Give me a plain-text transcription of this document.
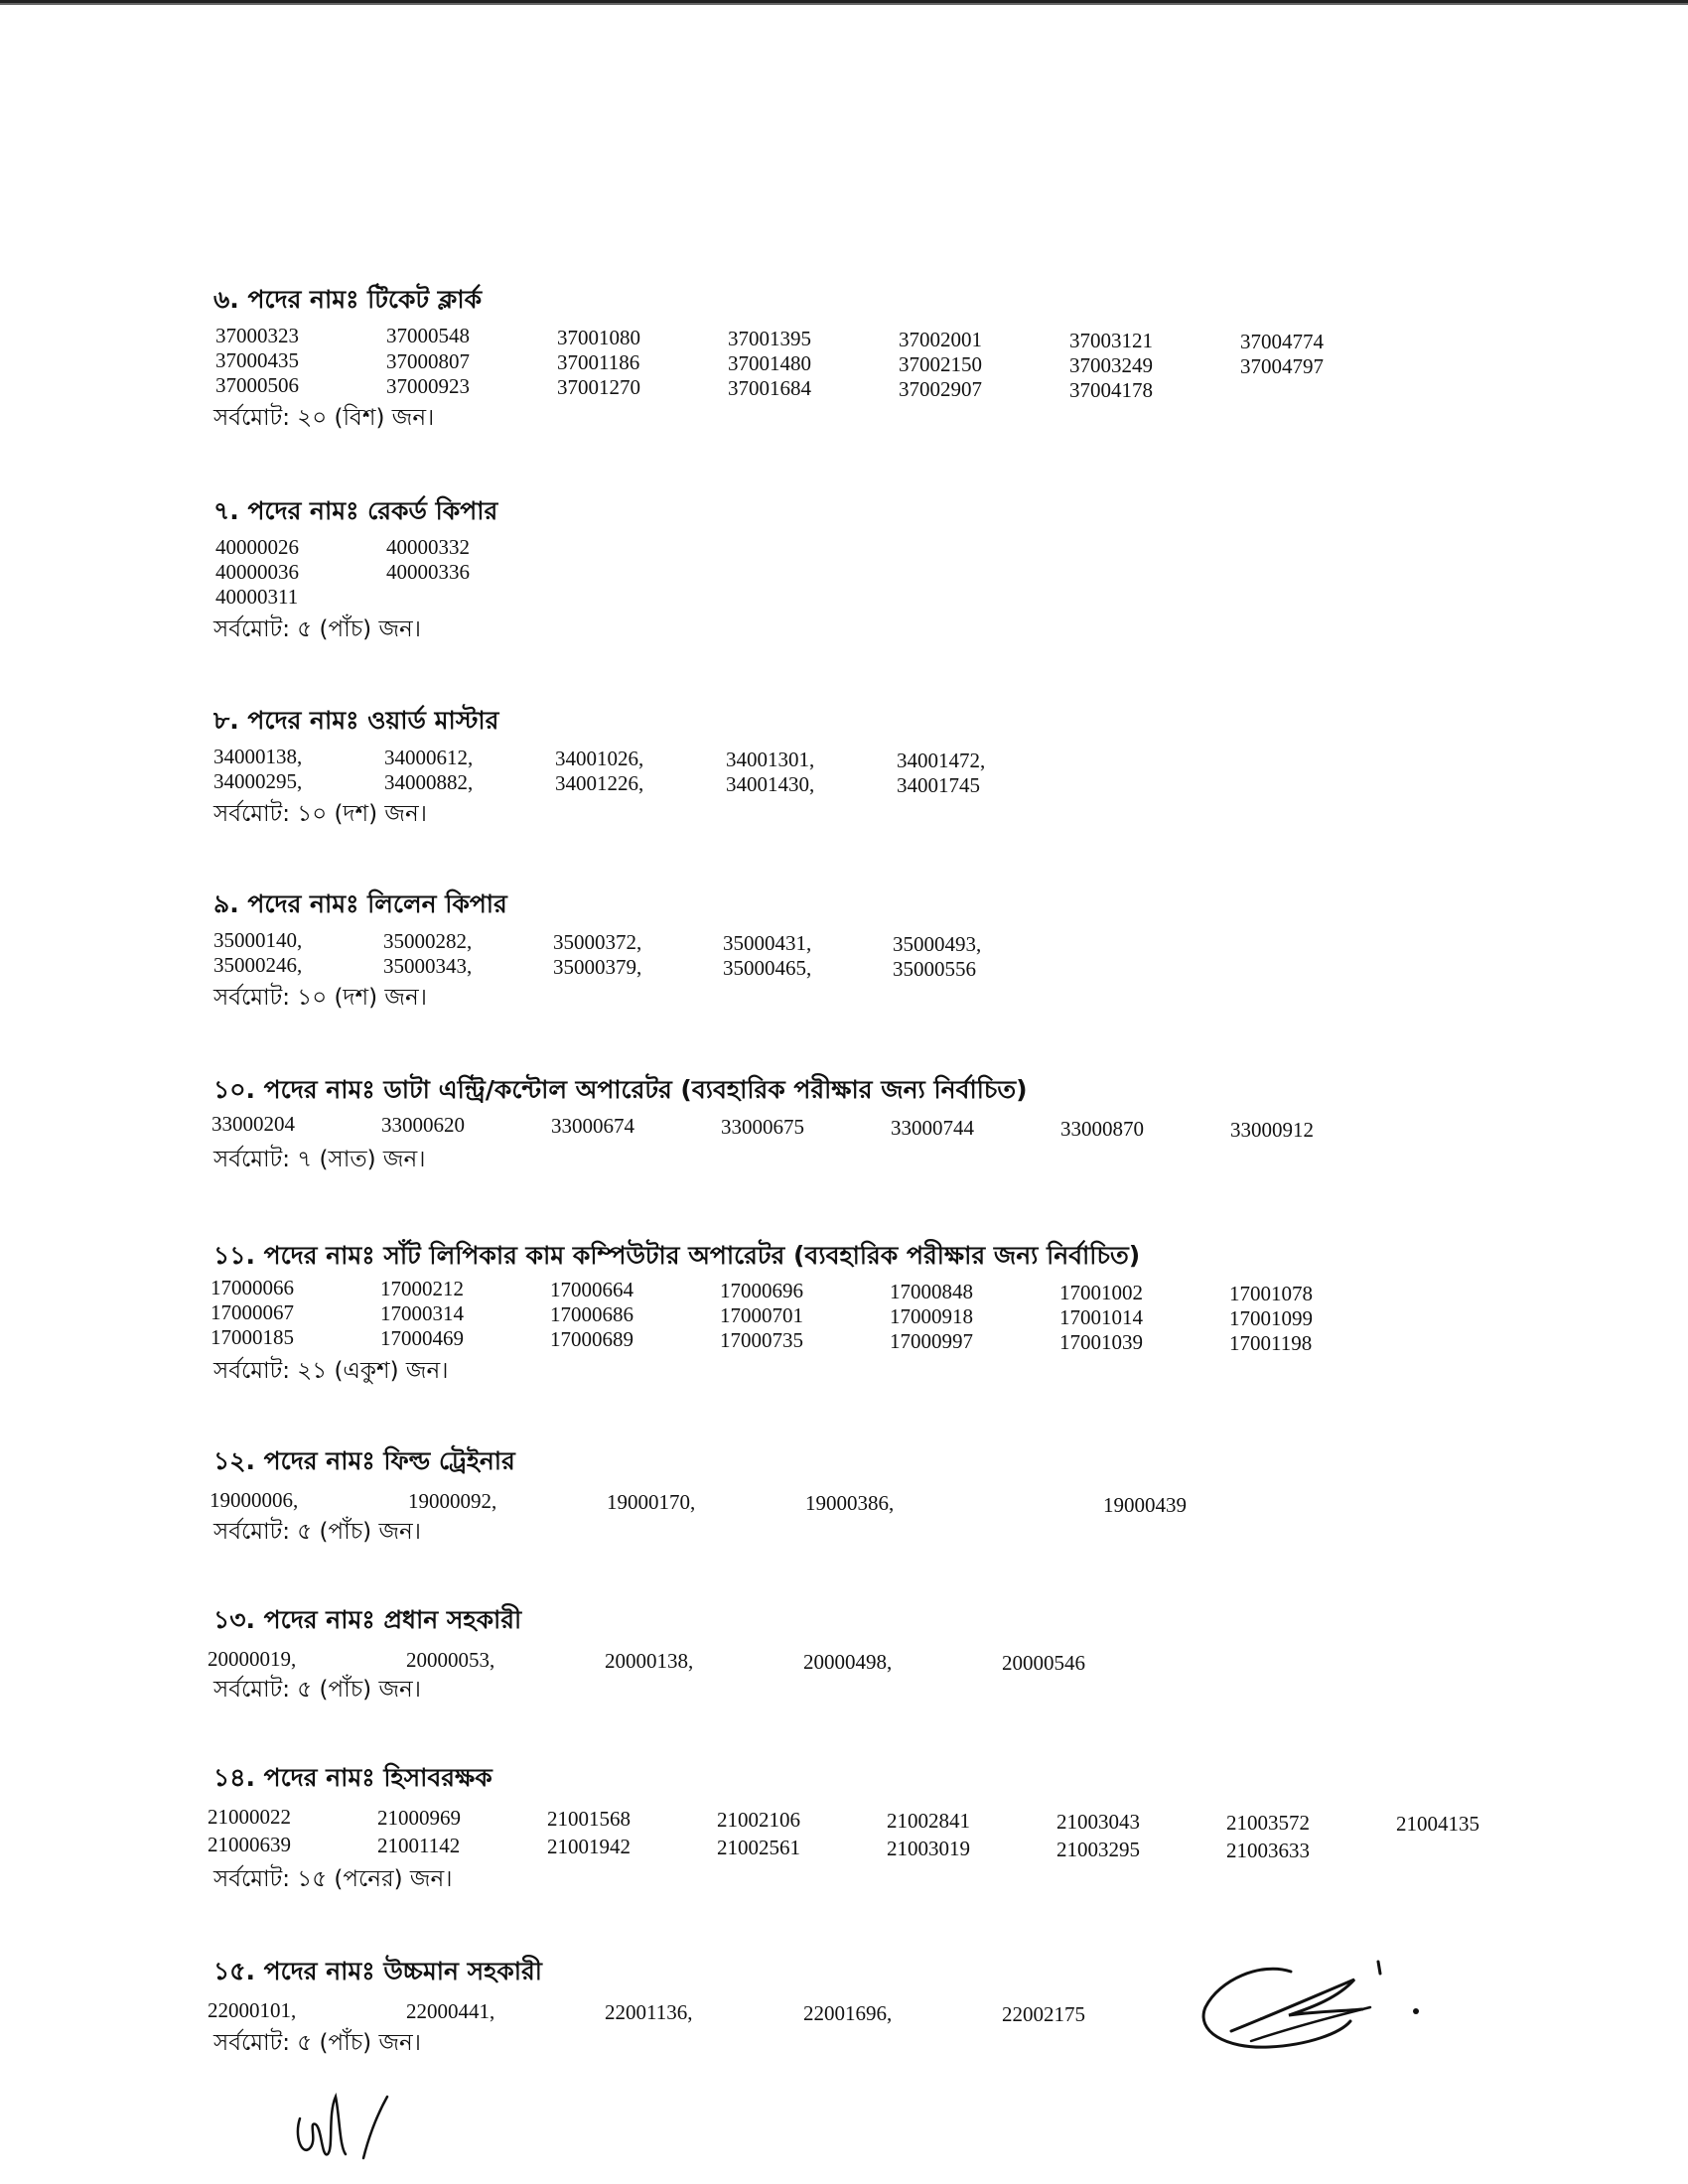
৬. পদের নামঃ টিকেট ক্লার্ক
37000323	37000548	37001080	37001395	37002001	37003121	37004774
37000435	37000807	37001186	37001480	37002150	37003249	37004797
37000506	37000923	37001270	37001684	37002907	37004178
সর্বমোট: ২০ (বিশ) জন।
৭. পদের নামঃ রেকর্ড কিপার
40000026	40000332
40000036	40000336
40000311
সর্বমোট: ৫ (পাঁচ) জন।
৮. পদের নামঃ ওয়ার্ড মাস্টার
34000138,	34000612,	34001026,	34001301,	34001472,
34000295,	34000882,	34001226,	34001430,	34001745
সর্বমোট: ১০ (দশ) জন।
৯. পদের নামঃ লিলেন কিপার
35000140,	35000282,	35000372,	35000431,	35000493,
35000246,	35000343,	35000379,	35000465,	35000556
সর্বমোট: ১০ (দশ) জন।
১০. পদের নামঃ ডাটা এন্ট্রি/কন্টোল অপারেটর (ব্যবহারিক পরীক্ষার জন্য নির্বাচিত)
33000204	33000620	33000674	33000675	33000744	33000870	33000912
সর্বমোট: ৭ (সাত) জন।
১১. পদের নামঃ সাঁট লিপিকার কাম কম্পিউটার অপারেটর (ব্যবহারিক পরীক্ষার জন্য নির্বাচিত)
17000066	17000212	17000664	17000696	17000848	17001002	17001078
17000067	17000314	17000686	17000701	17000918	17001014	17001099
17000185	17000469	17000689	17000735	17000997	17001039	17001198
সর্বমোট: ২১ (একুশ) জন।
১২. পদের নামঃ ফিল্ড ট্রেইনার
19000006,	19000092,	19000170,	19000386,	19000439
সর্বমোট: ৫ (পাঁচ) জন।
১৩. পদের নামঃ প্রধান সহকারী
20000019,	20000053,	20000138,	20000498,	20000546
সর্বমোট: ৫ (পাঁচ) জন।
১৪. পদের নামঃ হিসাবরক্ষক
21000022	21000969	21001568	21002106	21002841	21003043	21003572	21004135
21000639	21001142	21001942	21002561	21003019	21003295	21003633
সর্বমোট: ১৫ (পনের) জন।
১৫. পদের নামঃ উচ্চমান সহকারী
22000101,	22000441,	22001136,	22001696,	22002175
সর্বমোট: ৫ (পাঁচ) জন।
